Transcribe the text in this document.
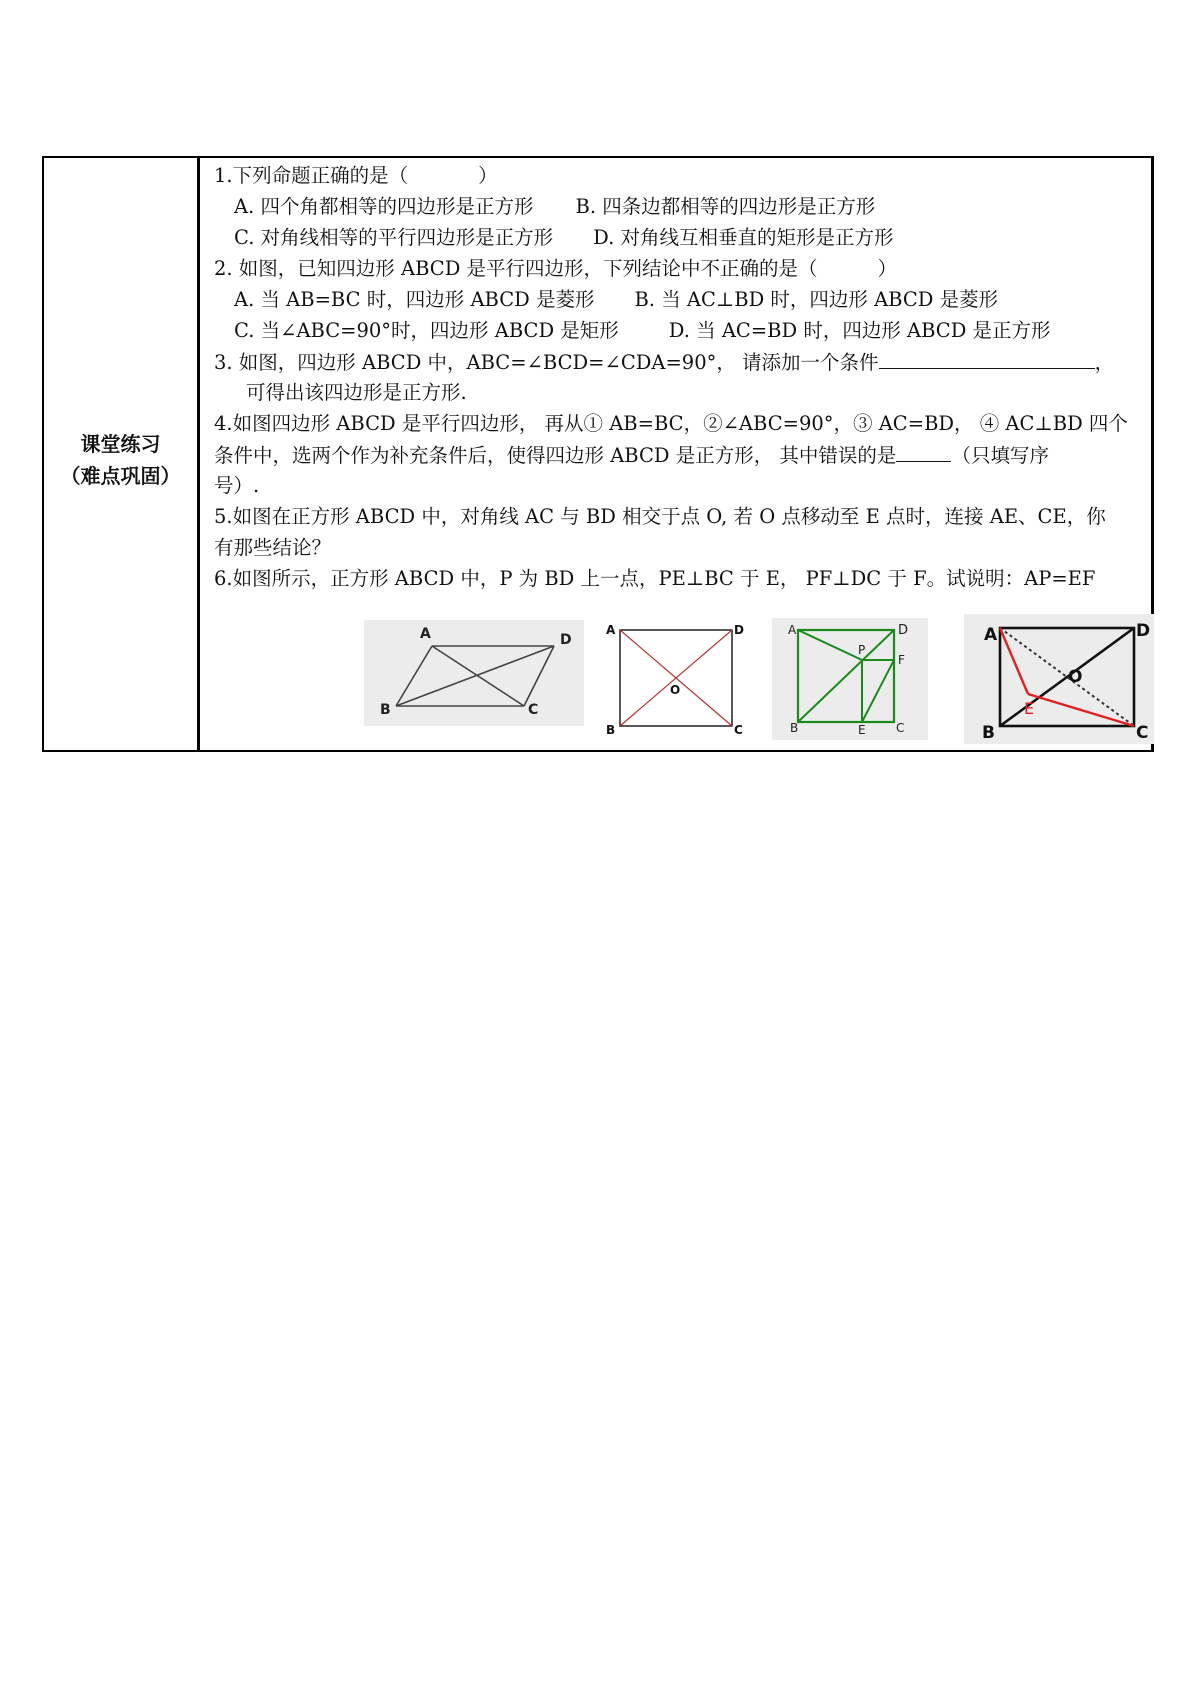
课堂练习
（难点巩固）
1.下列命题正确的是（	）
A. 四个角都相等的四边形是正方形 B. 四条边都相等的四边形是正方形
C. 对角线相等的平行四边形是正方形 D. 对角线互相垂直的矩形是正方形
2. 如图，已知四边形 ABCD 是平行四边形，下列结论中不正确的是（	）
A. 当 AB=BC 时，四边形 ABCD 是菱形 B. 当 AC⊥BD 时，四边形 ABCD 是菱形
C. 当∠ABC=90°时，四边形 ABCD 是矩形	D. 当 AC=BD 时，四边形 ABCD 是正方形
3. 如图，四边形 ABCD 中，ABC=∠BCD=∠CDA=90°， 请添加一个条件	，
可得出该四边形是正方形.
4.如图四边形 ABCD 是平行四边形， 再从① AB=BC，②∠ABC=90°，③ AC=BD， ④ AC⊥BD 四个
条件中，选两个作为补充条件后，使得四边形 ABCD 是正方形， 其中错误的是	（只填写序
号）.
5.如图在正方形 ABCD 中，对角线 AC 与 BD 相交于点 O, 若 O 点移动至 E 点时，连接 AE、CE，你
有那些结论？
6.如图所示，正方形 ABCD 中，P 为 BD 上一点，PE⊥BC 于 E， PF⊥DC 于 F。试说明：AP=EF
A	D
B	C
A	D
B	C
O
A	D
P
F
B	E	C
A	D
B	C
O
E
